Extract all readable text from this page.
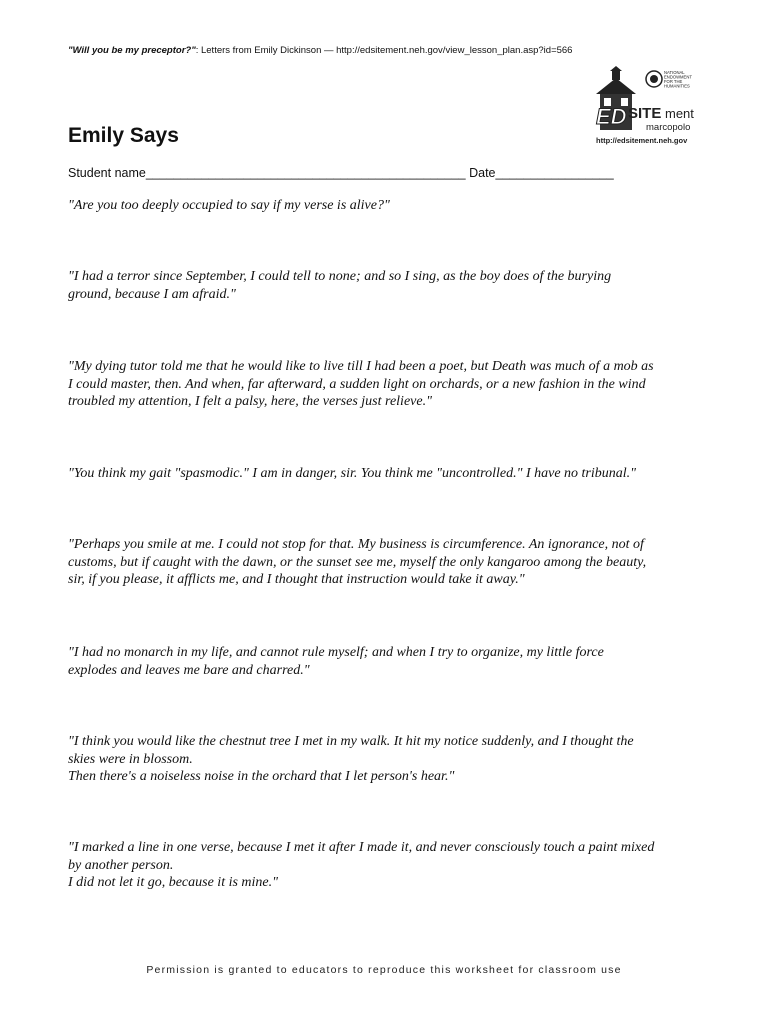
"Will you be my preceptor?": Letters from Emily Dickinson — http://edsitement.neh.gov/view_lesson_plan.asp?id=566
NATIONAL ENDOWMENT FOR THE HUMANITIES
ED SITE ment
marcopolo
http://edsitement.neh.gov
Emily Says
Student name______________________________________________ Date_________________
"Are you too deeply occupied to say if my verse is alive?"
"I had a terror since September, I could tell to none; and so I sing, as the boy does of the burying
ground, because I am afraid."
"My dying tutor told me that he would like to live till I had been a poet, but Death was much of a mob as
I could master, then. And when, far afterward, a sudden light on orchards, or a new fashion in the wind
troubled my attention, I felt a palsy, here, the verses just relieve."
"You think my gait "spasmodic." I am in danger, sir. You think me "uncontrolled." I have no tribunal."
"Perhaps you smile at me. I could not stop for that. My business is circumference. An ignorance, not of
customs, but if caught with the dawn, or the sunset see me, myself the only kangaroo among the beauty,
sir, if you please, it afflicts me, and I thought that instruction would take it away."
"I had no monarch in my life, and cannot rule myself; and when I try to organize, my little force
explodes and leaves me bare and charred."
"I think you would like the chestnut tree I met in my walk. It hit my notice suddenly, and I thought the
skies were in blossom.
Then there's a noiseless noise in the orchard that I let person's hear."
"I marked a line in one verse, because I met it after I made it, and never consciously touch a paint mixed
by another person.
I did not let it go, because it is mine."
Permission is granted to educators to reproduce this worksheet for classroom use
